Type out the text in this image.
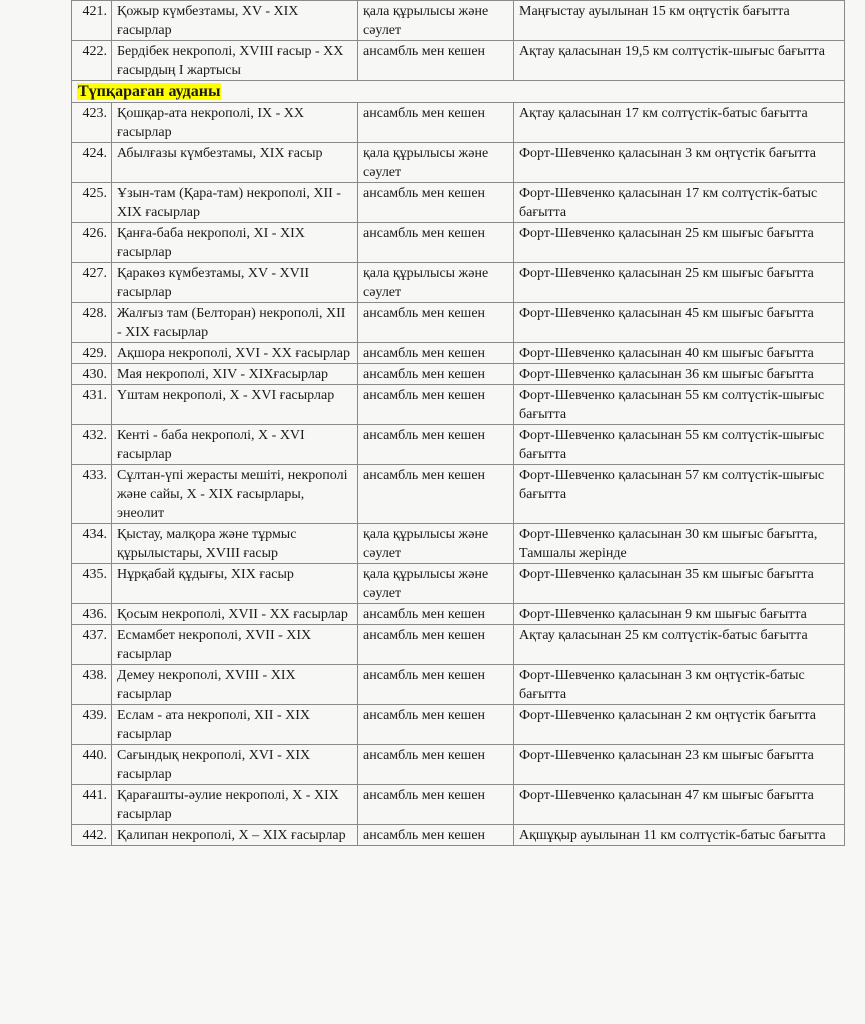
421.	Қожыр күмбезтамы, XV - XIX ғасырлар	қала құрылысы және сәулет	Маңғыстау ауылынан 15 км оңтүстік бағытта
422.	Бердібек некрополі, XVIII ғасыр - XX ғасырдың І жартысы	ансамбль мен кешен	Ақтау қаласынан 19,5 км солтүстік-шығыс бағытта
Түпқараған ауданы			
423.	Қошқар-ата некрополі, IX - XX ғасырлар	ансамбль мен кешен	Ақтау қаласынан 17 км солтүстік-батыс бағытта
424.	Абылғазы күмбезтамы, XIX ғасыр	қала құрылысы және сәулет	Форт-Шевченко қаласынан 3 км оңтүстік бағытта
425.	Ұзын-там (Қара-там) некрополі, XII - XIX ғасырлар	ансамбль мен кешен	Форт-Шевченко қаласынан 17 км солтүстік-батыс бағытта
426.	Қанға-баба некрополі, XI - XIX ғасырлар	ансамбль мен кешен	Форт-Шевченко қаласынан 25 км шығыс бағытта
427.	Қаракөз күмбезтамы, XV - XVII ғасырлар	қала құрылысы және сәулет	Форт-Шевченко қаласынан 25 км шығыс бағытта
428.	Жалғыз там (Белторан) некрополі, XII - XIX ғасырлар	ансамбль мен кешен	Форт-Шевченко қаласынан 45 км шығыс бағытта
429.	Ақшора некрополі, XVI - XX ғасырлар	ансамбль мен кешен	Форт-Шевченко қаласынан 40 км шығыс бағытта
430.	Мая некрополі, XIV - XIXғасырлар	ансамбль мен кешен	Форт-Шевченко қаласынан 36 км шығыс бағытта
431.	Үштам некрополі, X - XVI ғасырлар	ансамбль мен кешен	Форт-Шевченко қаласынан 55 км солтүстік-шығыс бағытта
432.	Кенті - баба некрополі, X - XVI ғасырлар	ансамбль мен кешен	Форт-Шевченко қаласынан 55 км солтүстік-шығыс бағытта
433.	Сұлтан-үпі жерасты мешіті, некрополі және сайы, X - XIX ғасырлары, энеолит	ансамбль мен кешен	Форт-Шевченко қаласынан 57 км солтүстік-шығыс бағытта
434.	Қыстау, малқора және тұрмыс құрылыстары, XVIII ғасыр	қала құрылысы және сәулет	Форт-Шевченко қаласынан 30 км шығыс бағытта, Тамшалы жерінде
435.	Нұрқабай құдығы, XIX ғасыр	қала құрылысы және сәулет	Форт-Шевченко қаласынан 35 км шығыс бағытта
436.	Қосым некрополі, XVII - XX ғасырлар	ансамбль мен кешен	Форт-Шевченко қаласынан 9 км шығыс бағытта
437.	Есмамбет некрополі, XVII - XIX ғасырлар	ансамбль мен кешен	Ақтау қаласынан 25 км солтүстік-батыс бағытта
438.	Демеу некрополі, XVIII - XIX ғасырлар	ансамбль мен кешен	Форт-Шевченко қаласынан 3 км оңтүстік-батыс бағытта
439.	Еслам - ата некрополі, XII - XIX ғасырлар	ансамбль мен кешен	Форт-Шевченко қаласынан 2 км оңтүстік бағытта
440.	Сағындық некрополі, XVI - XIX ғасырлар	ансамбль мен кешен	Форт-Шевченко қаласынан 23 км шығыс бағытта
441.	Қарағашты-әулие некрополі, X - XIX ғасырлар	ансамбль мен кешен	Форт-Шевченко қаласынан 47 км шығыс бағытта
442.	Қалипан некрополі, X – XIX ғасырлар	ансамбль мен кешен	Ақшұқыр ауылынан 11 км солтүстік-батыс бағытта
